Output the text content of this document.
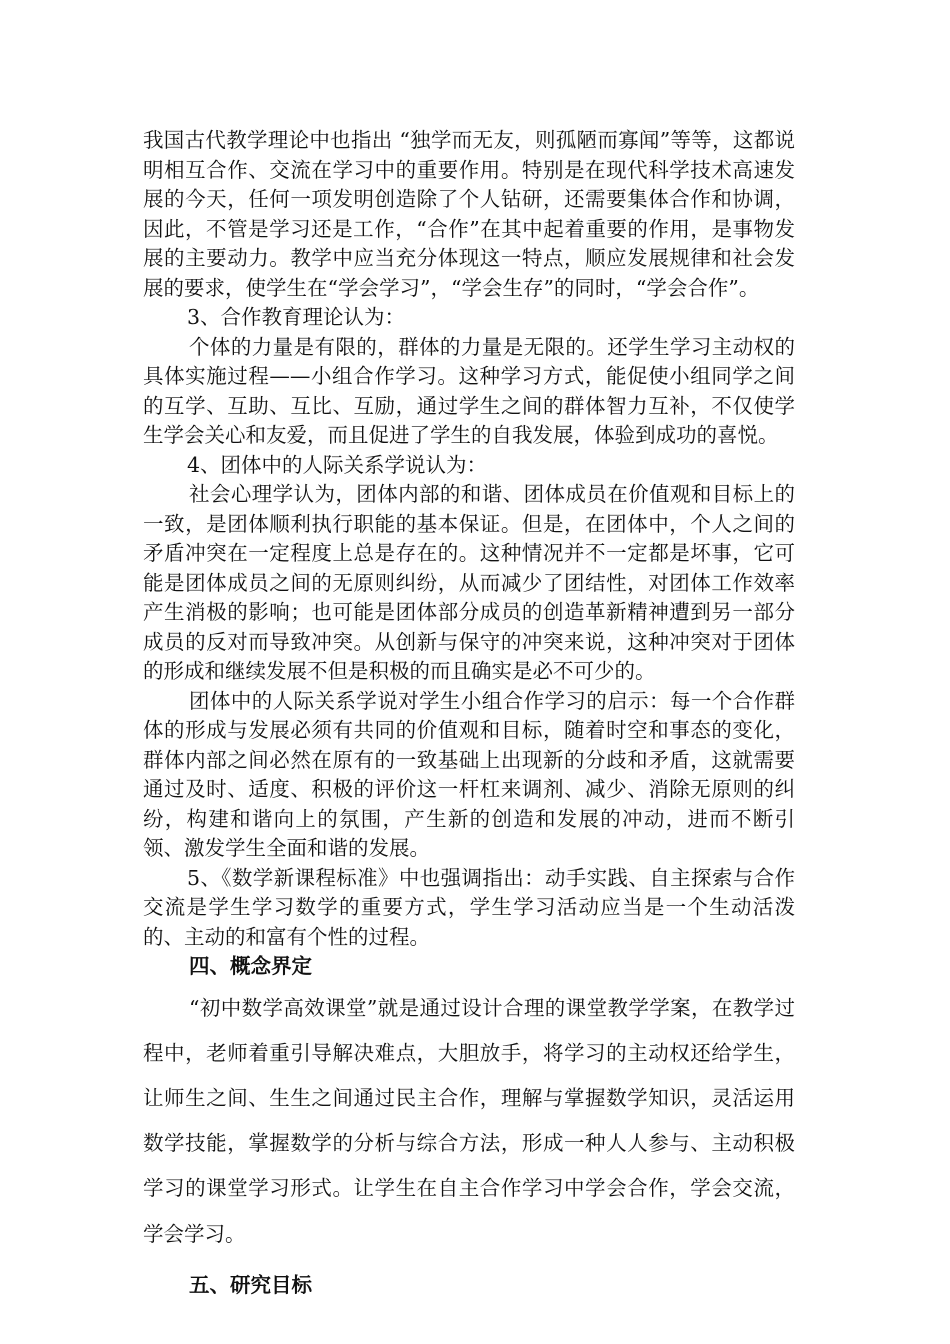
我国古代教学理论中也指出 “独学而无友，则孤陋而寡闻”等等，这都说明相互合作、交流在学习中的重要作用。特别是在现代科学技术高速发展的今天，任何一项发明创造除了个人钻研，还需要集体合作和协调，因此，不管是学习还是工作，“合作”在其中起着重要的作用，是事物发展的主要动力。教学中应当充分体现这一特点，顺应发展规律和社会发展的要求，使学生在“学会学习”，“学会生存”的同时，“学会合作”。

3、合作教育理论认为：

个体的力量是有限的，群体的力量是无限的。还学生学习主动权的具体实施过程——小组合作学习。这种学习方式，能促使小组同学之间的互学、互助、互比、互励，通过学生之间的群体智力互补，不仅使学生学会关心和友爱，而且促进了学生的自我发展，体验到成功的喜悦。

4、团体中的人际关系学说认为：

社会心理学认为，团体内部的和谐、团体成员在价值观和目标上的一致，是团体顺利执行职能的基本保证。但是，在团体中，个人之间的矛盾冲突在一定程度上总是存在的。这种情况并不一定都是坏事，它可能是团体成员之间的无原则纠纷，从而减少了团结性，对团体工作效率产生消极的影响；也可能是团体部分成员的创造革新精神遭到另一部分成员的反对而导致冲突。从创新与保守的冲突来说，这种冲突对于团体的形成和继续发展不但是积极的而且确实是必不可少的。

团体中的人际关系学说对学生小组合作学习的启示：每一个合作群体的形成与发展必须有共同的价值观和目标，随着时空和事态的变化，群体内部之间必然在原有的一致基础上出现新的分歧和矛盾，这就需要通过及时、适度、积极的评价这一杆杠来调剂、减少、消除无原则的纠纷，构建和谐向上的氛围，产生新的创造和发展的冲动，进而不断引领、激发学生全面和谐的发展。

5、《数学新课程标准》中也强调指出：动手实践、自主探索与合作交流是学生学习数学的重要方式，学生学习活动应当是一个生动活泼的、主动的和富有个性的过程。

四、概念界定

“初中数学高效课堂”就是通过设计合理的课堂教学学案，在教学过程中，老师着重引导解决难点，大胆放手，将学习的主动权还给学生，让师生之间、生生之间通过民主合作，理解与掌握数学知识，灵活运用数学技能，掌握数学的分析与综合方法，形成一种人人参与、主动积极学习的课堂学习形式。让学生在自主合作学习中学会合作，学会交流，学会学习。

五、研究目标
